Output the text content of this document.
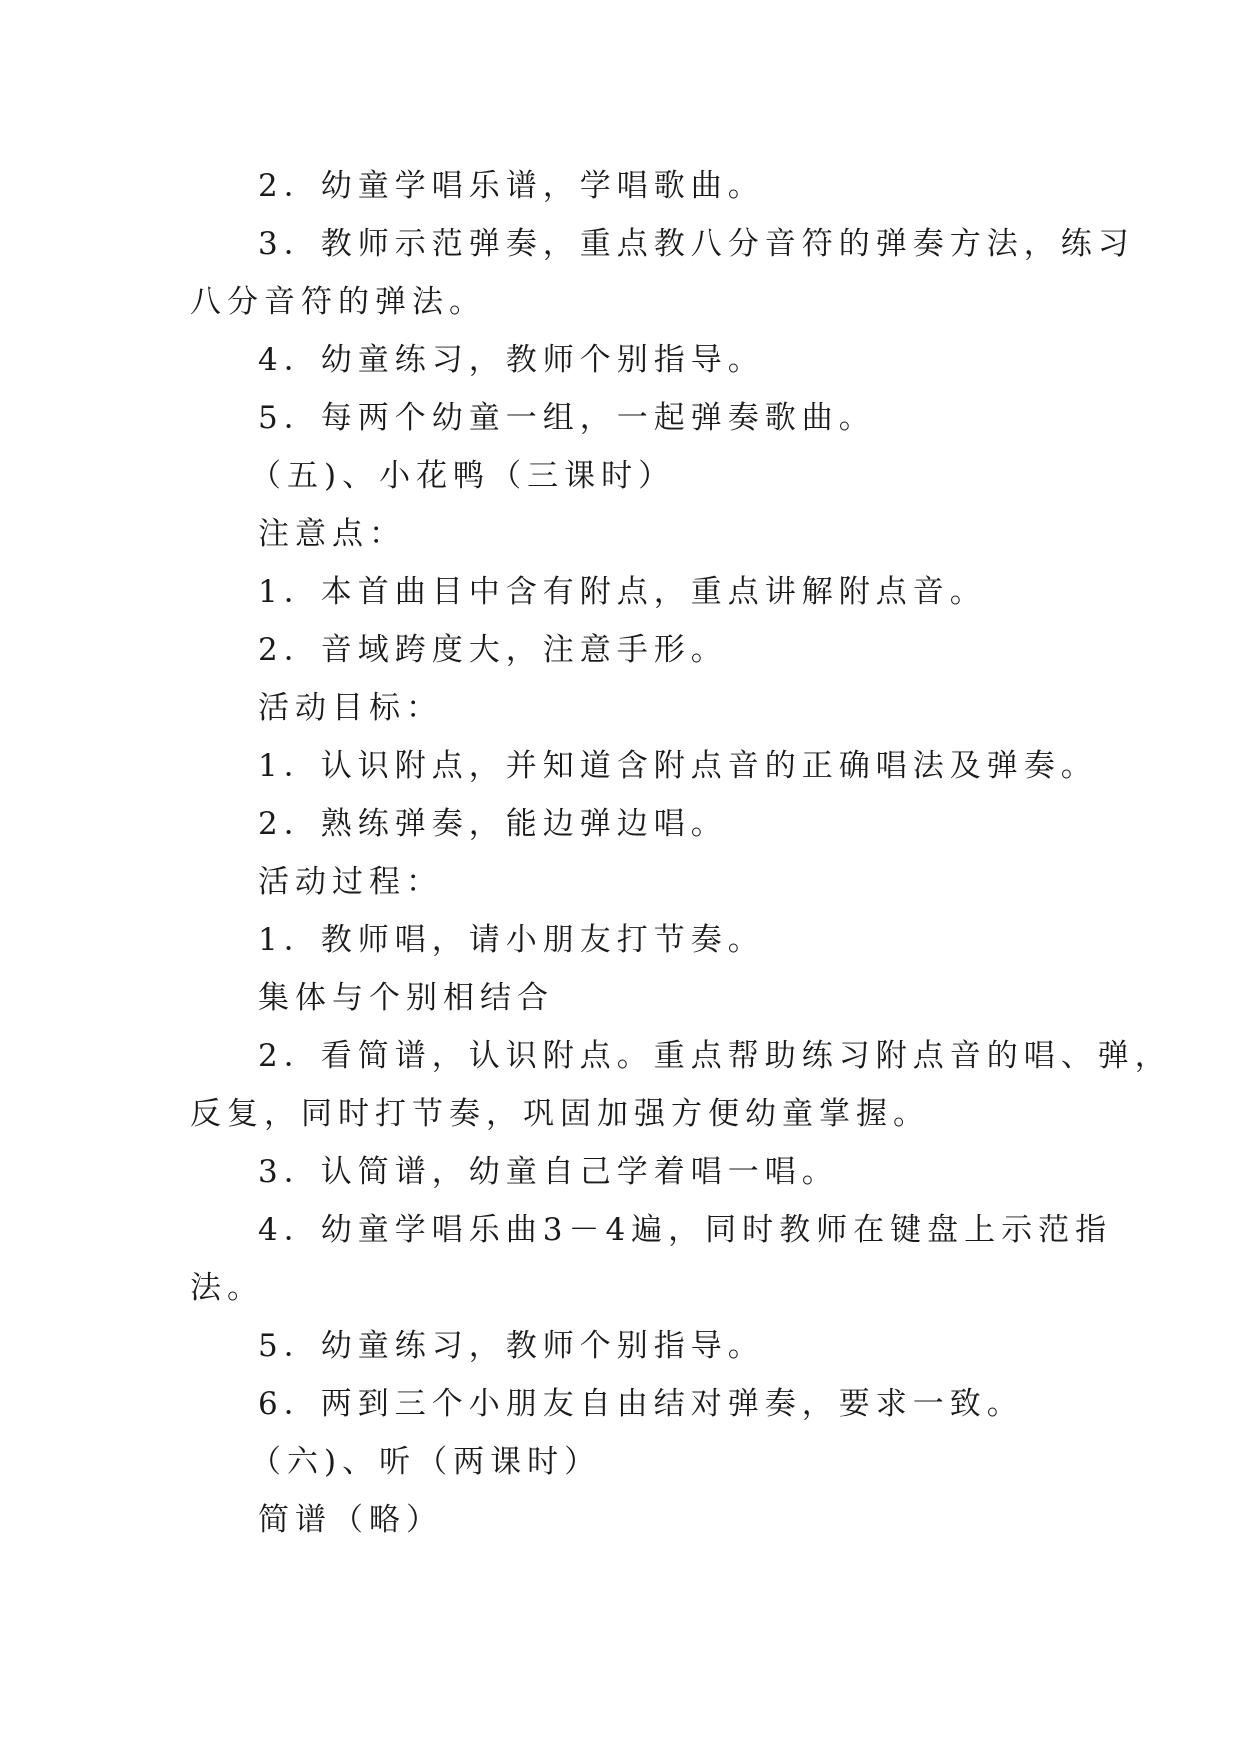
2．幼童学唱乐谱，学唱歌曲。
3．教师示范弹奏，重点教八分音符的弹奏方法，练习
八分音符的弹法。
4．幼童练习，教师个别指导。
5．每两个幼童一组，一起弹奏歌曲。
（五)、小花鸭（三课时）
注意点：
1．本首曲目中含有附点，重点讲解附点音。
2．音域跨度大，注意手形。
活动目标：
1．认识附点，并知道含附点音的正确唱法及弹奏。
2．熟练弹奏，能边弹边唱。
活动过程：
1．教师唱，请小朋友打节奏。
集体与个别相结合
2．看简谱，认识附点。重点帮助练习附点音的唱、弹，
反复，同时打节奏，巩固加强方便幼童掌握。
3．认简谱，幼童自己学着唱一唱。
4．幼童学唱乐曲3－4遍，同时教师在键盘上示范指
法。
5．幼童练习，教师个别指导。
6．两到三个小朋友自由结对弹奏，要求一致。
（六)、听（两课时）
简谱（略）
